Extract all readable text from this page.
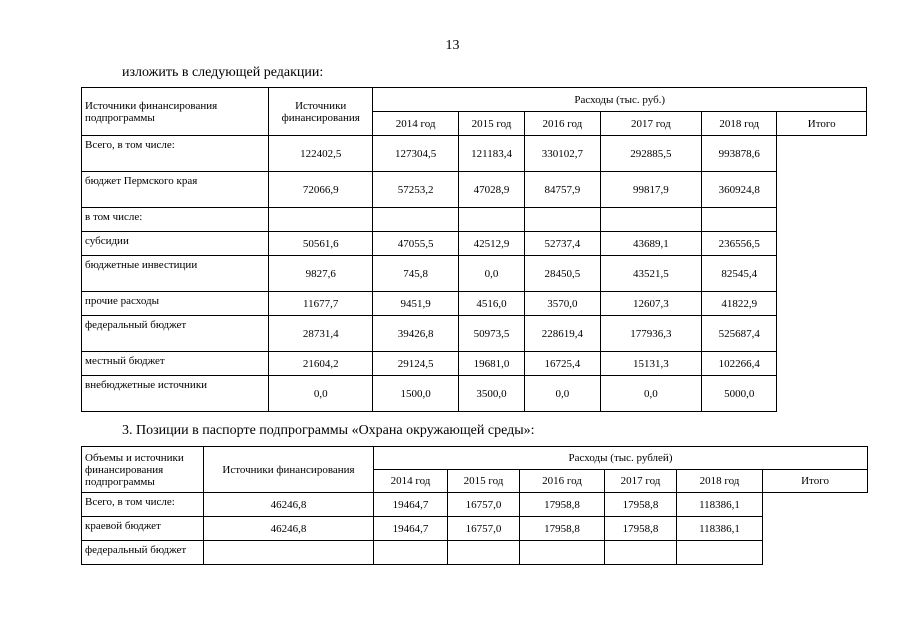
13
изложить в следующей редакции:
Источники финансирования подпрограммы	Источники финансирования	Расходы (тыс. руб.)					
		2014 год	2015 год	2016 год	2017 год	2018 год	Итого
Всего, в том числе:	122402,5	127304,5	121183,4	330102,7	292885,5	993878,6	
бюджет Пермского края	72066,9	57253,2	47028,9	84757,9	99817,9	360924,8	
в том числе:							
субсидии	50561,6	47055,5	42512,9	52737,4	43689,1	236556,5	
бюджетные инвестиции	9827,6	745,8	0,0	28450,5	43521,5	82545,4	
прочие расходы	11677,7	9451,9	4516,0	3570,0	12607,3	41822,9	
федеральный бюджет	28731,4	39426,8	50973,5	228619,4	177936,3	525687,4	
местный бюджет	21604,2	29124,5	19681,0	16725,4	15131,3	102266,4	
внебюджетные источники	0,0	1500,0	3500,0	0,0	0,0	5000,0	
3. Позиции в паспорте подпрограммы «Охрана окружающей среды»:
Объемы и источники финансирования подпрограммы	Источники финансирования	Расходы (тыс. рублей)					
		2014 год	2015 год	2016 год	2017 год	2018 год	Итого
Всего, в том числе:	46246,8	19464,7	16757,0	17958,8	17958,8	118386,1	
краевой бюджет	46246,8	19464,7	16757,0	17958,8	17958,8	118386,1	
федеральный бюджет							
